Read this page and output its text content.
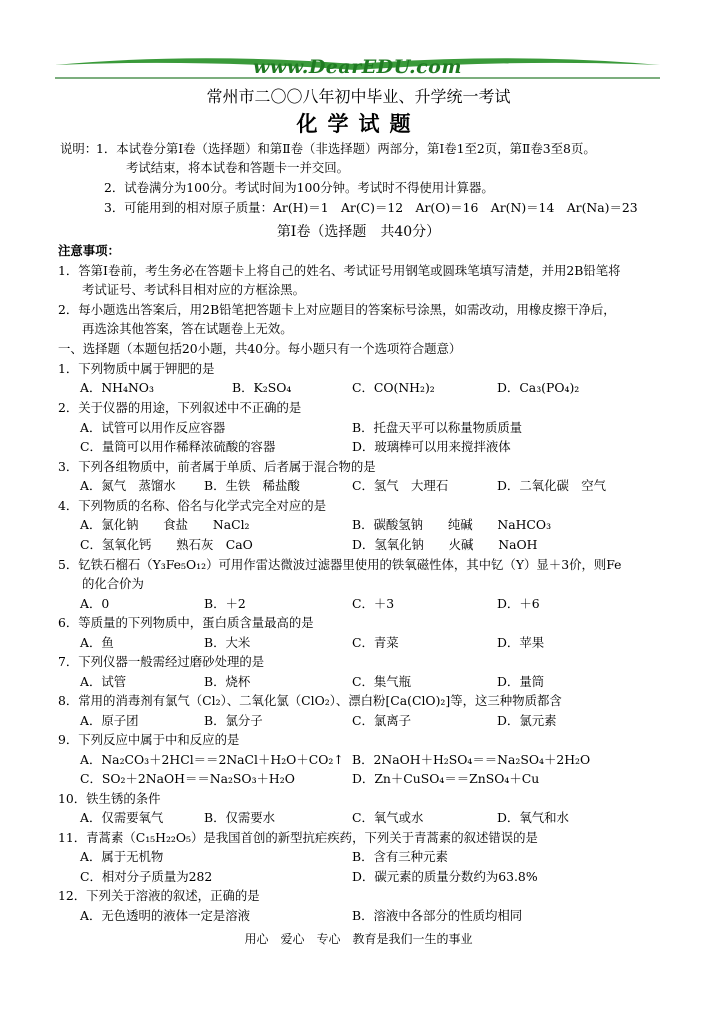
www.DearEDU.com
常州市二〇〇八年初中毕业、升学统一考试
化学试题
说明：
1．本试卷分第Ⅰ卷（选择题）和第Ⅱ卷（非选择题）两部分，第Ⅰ卷1至2页，第Ⅱ卷3至8页。
考试结束，将本试卷和答题卡一并交回。
2．试卷满分为100分。考试时间为100分钟。考试时不得使用计算器。
3．可能用到的相对原子质量：Ar(H)＝1　Ar(C)＝12　Ar(O)＝16　Ar(N)＝14　Ar(Na)＝23
第Ⅰ卷（选择题　共40分）
注意事项：
1．答第Ⅰ卷前，考生务必在答题卡上将自己的姓名、考试证号用钢笔或圆珠笔填写清楚，并用2B铅笔将
考试证号、考试科目相对应的方框涂黑。
2．每小题选出答案后，用2B铅笔把答题卡上对应题目的答案标号涂黑，如需改动，用橡皮擦干净后，
再选涂其他答案，答在试题卷上无效。
一、选择题（本题包括20小题，共40分。每小题只有一个选项符合题意）
1．下列物质中属于钾肥的是
A．NH₄NO₃	B．K₂SO₄	C．CO(NH₂)₂	D．Ca₃(PO₄)₂
2．关于仪器的用途，下列叙述中不正确的是
A．试管可以用作反应容器	B．托盘天平可以称量物质质量
C．量筒可以用作稀释浓硫酸的容器	D．玻璃棒可以用来搅拌液体
3．下列各组物质中，前者属于单质、后者属于混合物的是
A．氮气　蒸馏水 B．生铁　稀盐酸	C．氢气　大理石	D．二氧化碳　空气
4．下列物质的名称、俗名与化学式完全对应的是
A．氯化钠　　食盐　　NaCl₂	B．碳酸氢钠　　纯碱　　NaHCO₃
C．氢氧化钙　　熟石灰　CaO	D．氢氧化钠　　火碱　　NaOH
5．钇铁石榴石（Y₃Fe₅O₁₂）可用作雷达微波过滤器里使用的铁氧磁性体，其中钇（Y）显＋3价，则Fe
的化合价为
A．0	B．＋2	C．＋3	D．＋6
6．等质量的下列物质中，蛋白质含量最高的是
A．鱼	B．大米	C．青菜	D．苹果
7．下列仪器一般需经过磨砂处理的是
A．试管	B．烧杯	C．集气瓶	D．量筒
8．常用的消毒剂有氯气（Cl₂）、二氧化氯（ClO₂）、漂白粉[Ca(ClO)₂]等，这三种物质都含
A．原子团	B．氯分子	C．氯离子	D．氯元素
9．下列反应中属于中和反应的是
A．Na₂CO₃＋2HCl＝＝2NaCl＋H₂O＋CO₂↑ B．2NaOH＋H₂SO₄＝＝Na₂SO₄＋2H₂O
C．SO₂＋2NaOH＝＝Na₂SO₃＋H₂O	D．Zn＋CuSO₄＝＝ZnSO₄＋Cu
10．铁生锈的条件
A．仅需要氧气	B．仅需要水	C．氧气或水	D．氧气和水
11．青蒿素（C₁₅H₂₂O₅）是我国首创的新型抗疟疾药，下列关于青蒿素的叙述错误的是
A．属于无机物	B．含有三种元素
C．相对分子质量为282	D．碳元素的质量分数约为63.8%
12．下列关于溶液的叙述，正确的是
A．无色透明的液体一定是溶液	B．溶液中各部分的性质均相同
用心　爱心　专心　教育是我们一生的事业
